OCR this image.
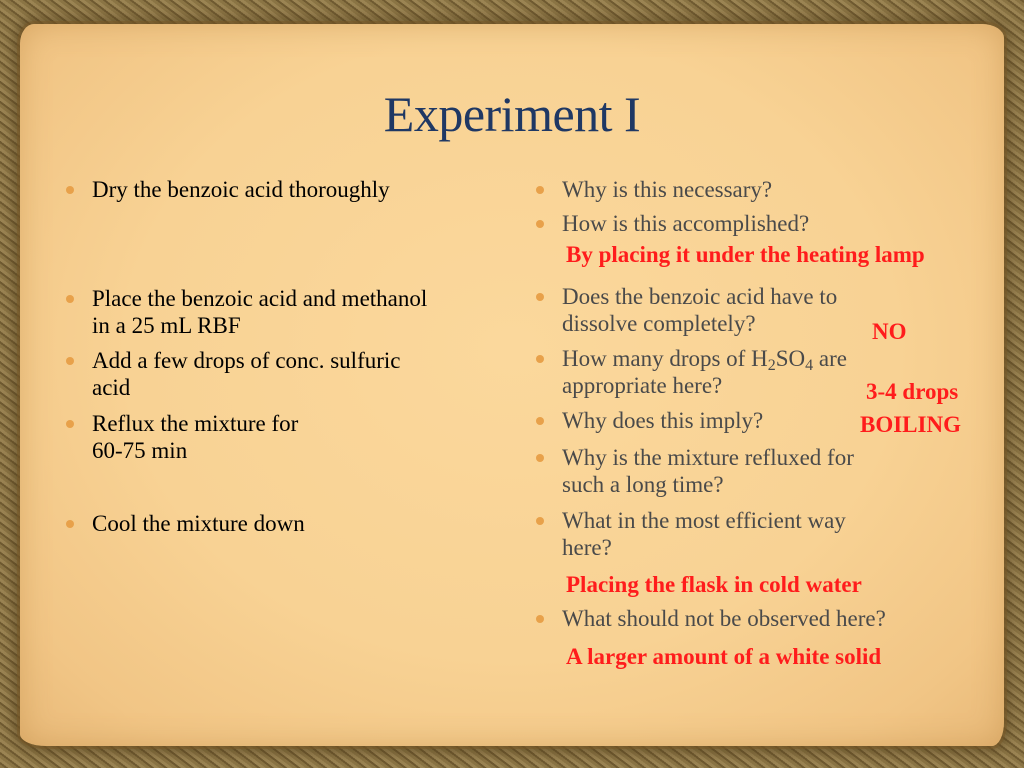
Experiment I
Dry the benzoic acid thoroughly
Place the benzoic acid and methanol
in a 25 mL RBF
Add a few drops of conc. sulfuric
acid
Reflux the mixture for
60-75 min
Cool the mixture down
Why is this necessary?
How is this accomplished?
Does the benzoic acid have to
dissolve completely?
How many drops of $H_2SO_4$ are
appropriate here?
Why does this imply?
Why is the mixture refluxed for
such a long time?
What in the most efficient way
here?
What should not be observed here?
By placing it under the heating lamp
NO
3-4 drops
BOILING
Placing the flask in cold water
A larger amount of a white solid
